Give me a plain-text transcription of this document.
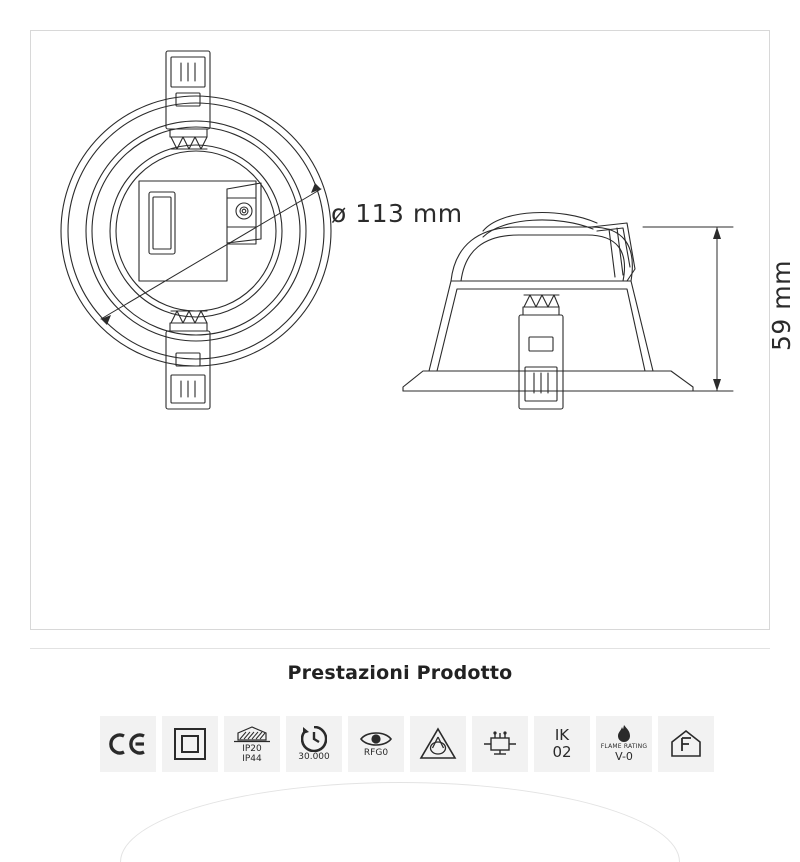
ø 113 mm
59 mm
Prestazioni Prodotto
IP20
IP44	30.000	RFG0
IK
02	FLAME RATING
V-0
